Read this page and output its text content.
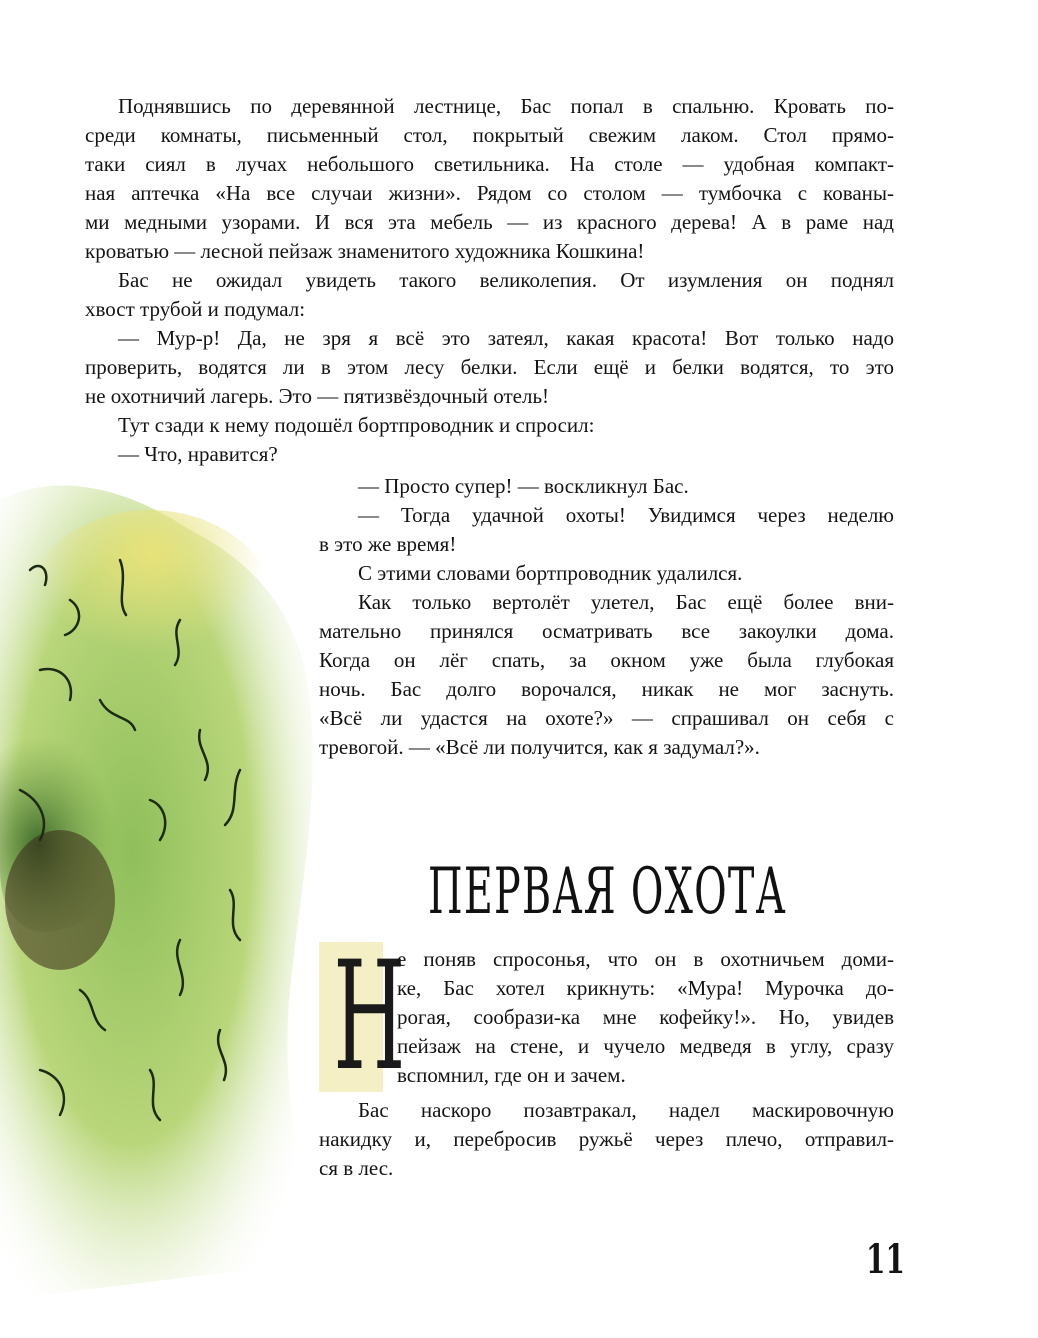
Поднявшись по деревянной лестнице, Бас попал в спальню. Кровать по-

среди комнаты, письменный стол, покрытый свежим лаком. Стол прямо-

таки сиял в лучах небольшого светильника. На столе — удобная компакт-

ная аптечка «На все случаи жизни». Рядом со столом — тумбочка с кованы-

ми медными узорами. И вся эта мебель — из красного дерева! А в раме над

кроватью — лесной пейзаж знаменитого художника Кошкина!

Бас не ожидал увидеть такого великолепия. От изумления он поднял

хвост трубой и подумал:

— Мур-р! Да, не зря я всё это затеял, какая красота! Вот только надо

проверить, водятся ли в этом лесу белки. Если ещё и белки водятся, то это

не охотничий лагерь. Это — пятизвёздочный отель!

Тут сзади к нему подошёл бортпроводник и спросил:

— Что, нравится?

— Просто супер! — воскликнул Бас.

— Тогда удачной охоты! Увидимся через неделю

в это же время!

С этими словами бортпроводник удалился.

Как только вертолёт улетел, Бас ещё более вни-

мательно принялся осматривать все закоулки дома.

Когда он лёг спать, за окном уже была глубокая

ночь. Бас долго ворочался, никак не мог заснуть.

«Всё ли удастся на охоте?» — спрашивал он себя с

тревогой. — «Всё ли получится, как я задумал?».

ПЕРВАЯ ОХОТА
Н

е поняв спросонья, что он в охотничьем доми-

ке, Бас хотел крикнуть: «Мура! Мурочка до-

рогая, сообрази-ка мне кофейку!». Но, увидев

пейзаж на стене, и чучело медведя в углу, сразу

вспомнил, где он и зачем.

Бас наскоро позавтракал, надел маскировочную

накидку и, перебросив ружьё через плечо, отправил-

ся в лес.

11
